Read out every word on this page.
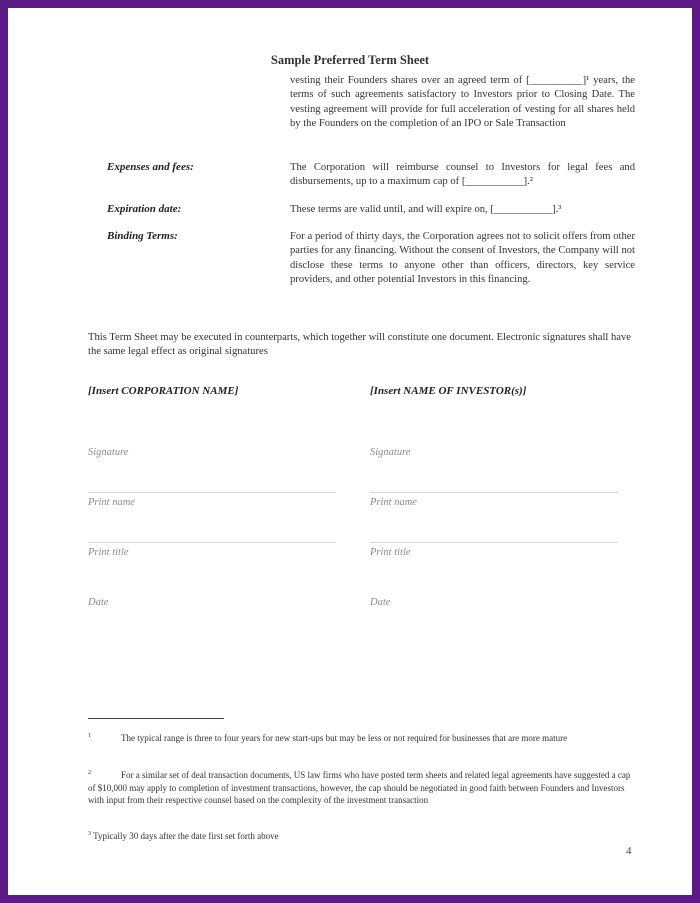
Sample Preferred Term Sheet
vesting their Founders shares over an agreed term of [__________]¹ years, the terms of such agreements satisfactory to Investors prior to Closing Date. The vesting agreement will provide for full acceleration of vesting for all shares held by the Founders on the completion of an IPO or Sale Transaction
Expenses and fees:	The Corporation will reimburse counsel to Investors for legal fees and disbursements, up to a maximum cap of [___________].²
Expiration date:	These terms are valid until, and will expire on, [___________].³
Binding Terms:	For a period of thirty days, the Corporation agrees not to solicit offers from other parties for any financing. Without the consent of Investors, the Company will not disclose these terms to anyone other than officers, directors, key service providers, and other potential Investors in this financing.
This Term Sheet may be executed in counterparts, which together will constitute one document. Electronic signatures shall have the same legal effect as original signatures
[Insert CORPORATION NAME]	[Insert NAME OF INVESTOR(s)]
Signature
Print name
Print title
Date
Signature
Print name
Print title
Date
$^1$	The typical range is three to four years for new start-ups but may be less or not required for businesses that are more mature
$^2$	For a similar set of deal transaction documents, US law firms who have posted term sheets and related legal agreements have suggested a cap of $10,000 may apply to completion of investment transactions, however, the cap should be negotiated in good faith between Founders and Investors with input from their respective counsel based on the complexity of the investment transaction
$^3$ Typically 30 days after the date first set forth above
4
